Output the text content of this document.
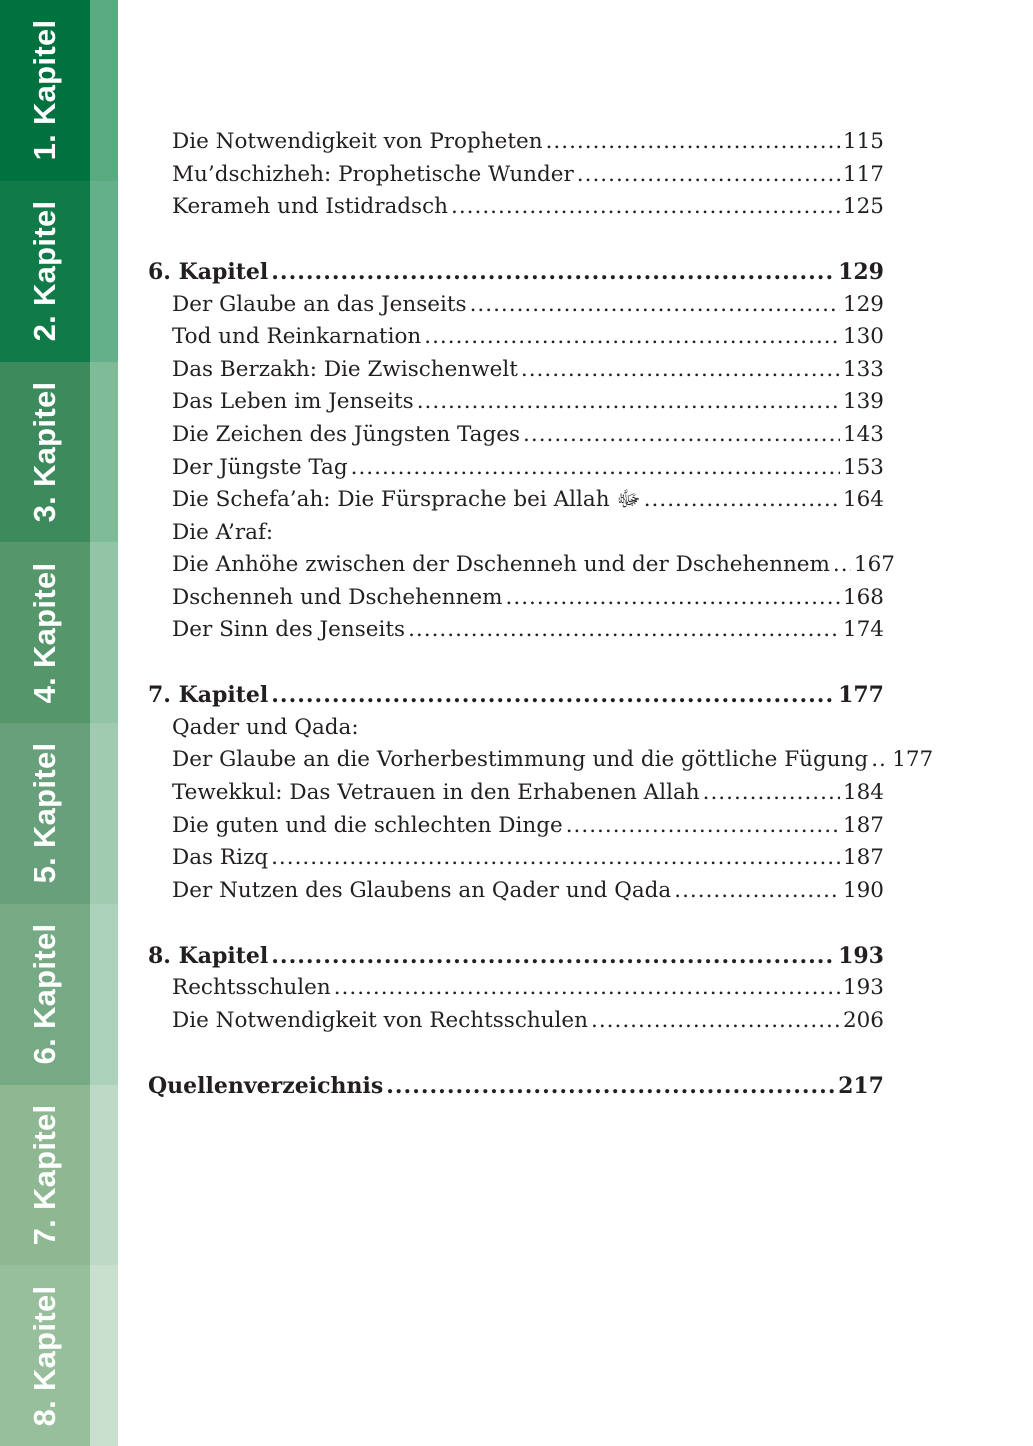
1. Kapitel
2. Kapitel
3. Kapitel
4. Kapitel
5. Kapitel
6. Kapitel
7. Kapitel
8. Kapitel
Die Notwendigkeit von Propheten .....	115
Mu’dschizheh: Prophetische Wunder .....	117
Kerameh und Istidradsch .....	125
6. Kapitel .....	129
Der Glaube an das Jenseits .....	129
Tod und Reinkarnation .....	130
Das Berzakh: Die Zwischenwelt .....	133
Das Leben im Jenseits .....	139
Die Zeichen des Jüngsten Tages .....	143
Der Jüngste Tag .....	153
Die Schefa’ah: Die Fürsprache bei Allah ﷻ .....	164
Die A’raf:
Die Anhöhe zwischen der Dschenneh und der Dschehennem ..... 167
Dschenneh und Dschehennem .....	168
Der Sinn des Jenseits .....	174
7. Kapitel .....	177
Qader und Qada:
Der Glaube an die Vorherbestimmung und die göttliche Fügung ..... 177
Tewekkul: Das Vetrauen in den Erhabenen Allah .....	184
Die guten und die schlechten Dinge .....	187
Das Rizq .....	187
Der Nutzen des Glaubens an Qader und Qada .....	190
8. Kapitel .....	193
Rechtsschulen .....	193
Die Notwendigkeit von Rechtsschulen .....	206
Quellenverzeichnis .....	217
